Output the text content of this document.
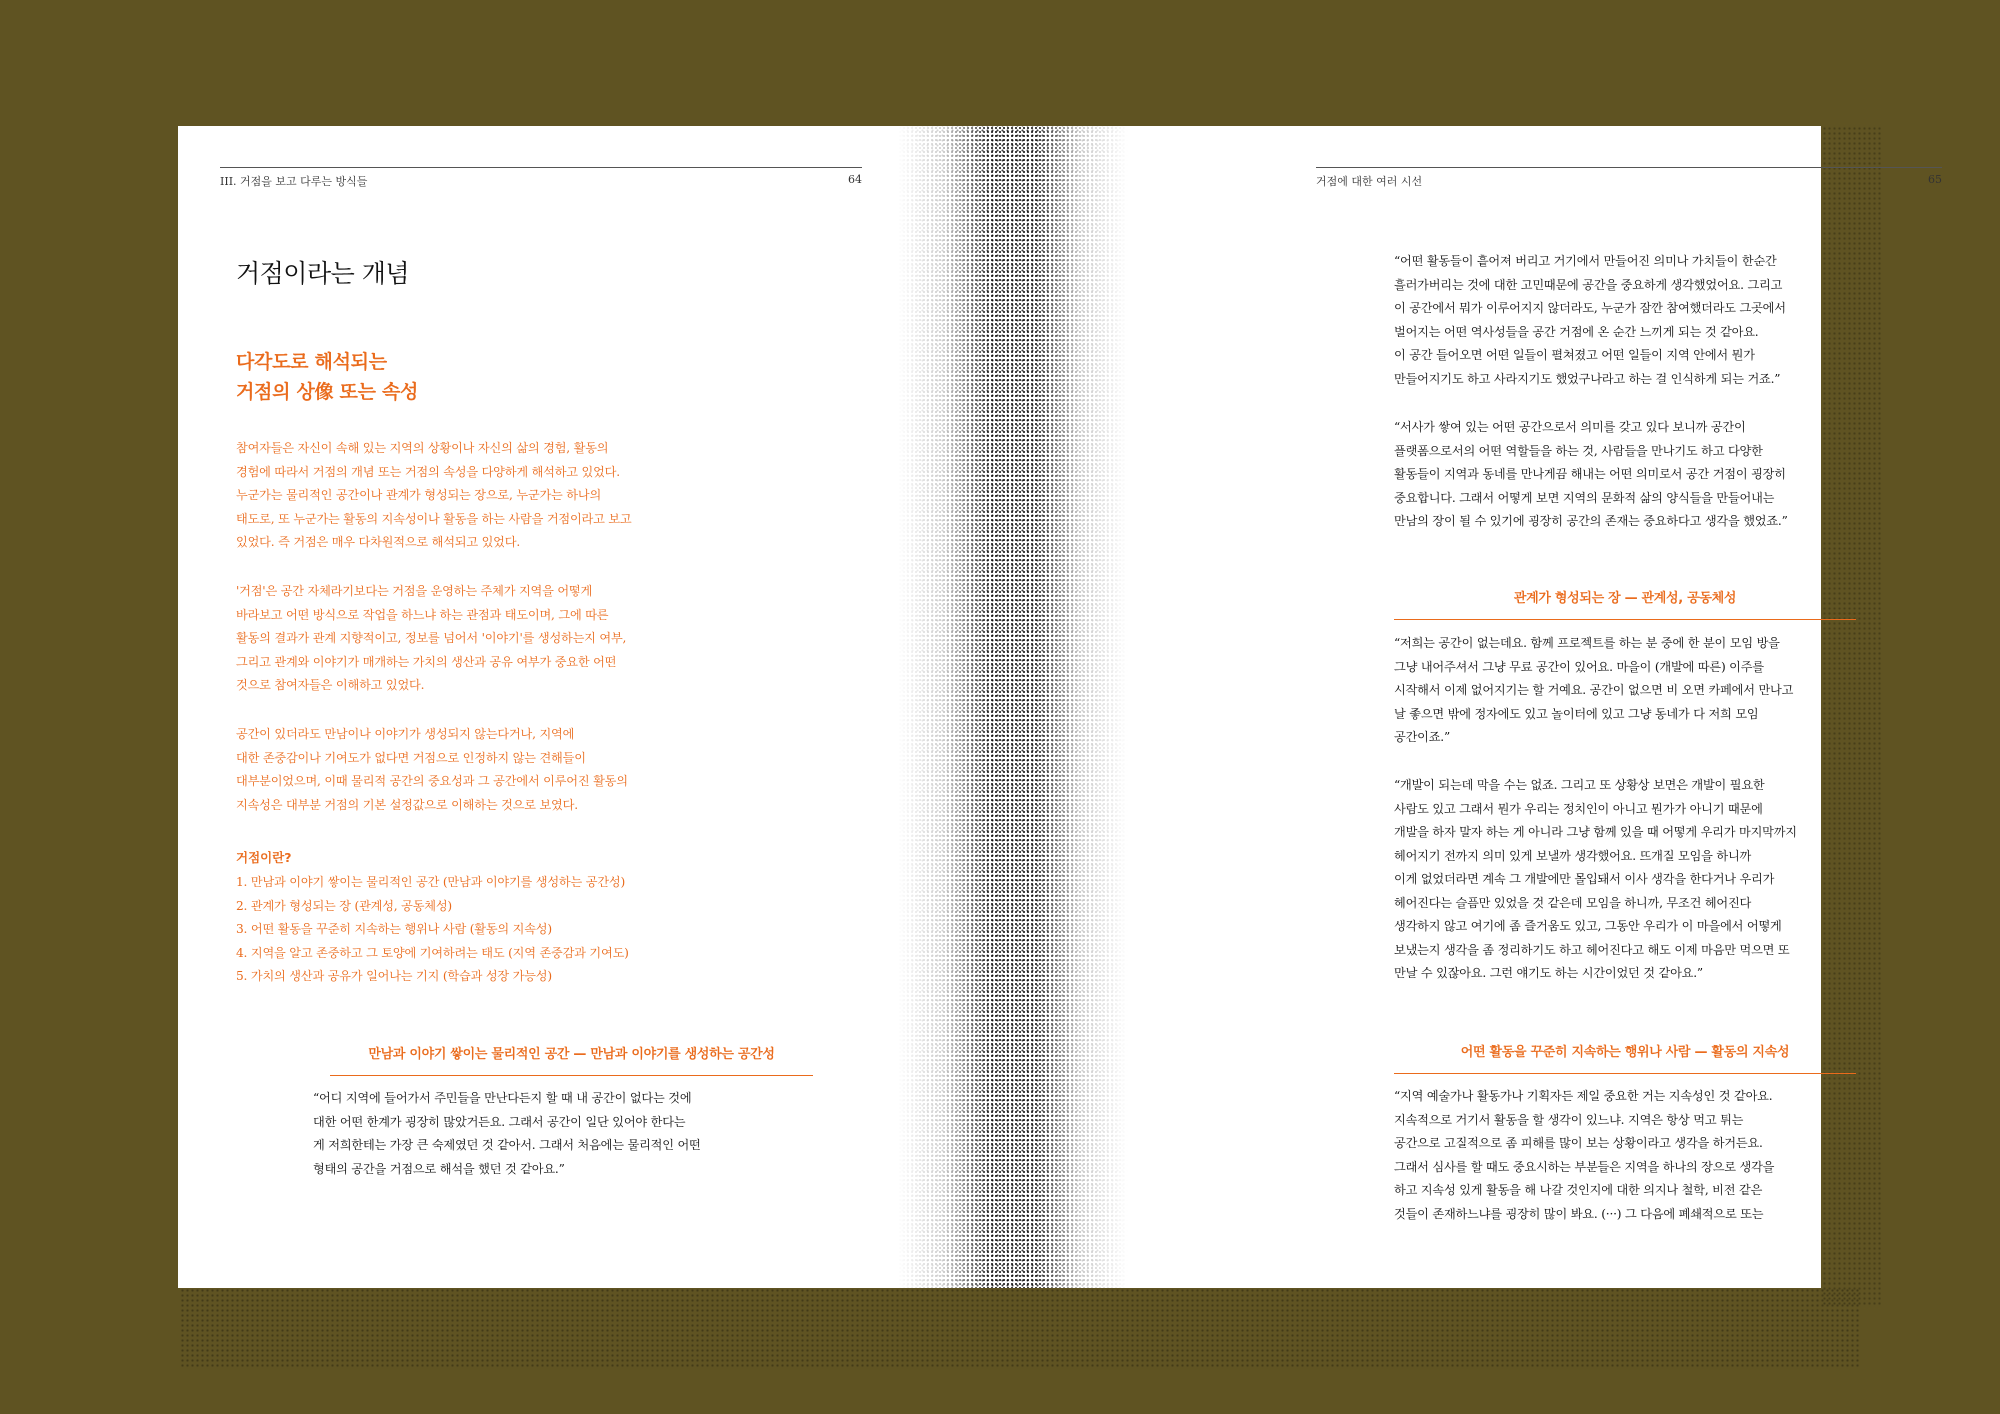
III. 거점을 보고 다루는 방식들	64
거점이라는 개념
다각도로 해석되는
거점의 상像 또는 속성

참여자들은 자신이 속해 있는 지역의 상황이나 자신의 삶의 경험, 활동의
경험에 따라서 거점의 개념 또는 거점의 속성을 다양하게 해석하고 있었다.
누군가는 물리적인 공간이나 관계가 형성되는 장으로, 누군가는 하나의
태도로, 또 누군가는 활동의 지속성이나 활동을 하는 사람을 거점이라고 보고
있었다. 즉 거점은 매우 다차원적으로 해석되고 있었다.

'거점'은 공간 자체라기보다는 거점을 운영하는 주체가 지역을 어떻게
바라보고 어떤 방식으로 작업을 하느냐 하는 관점과 태도이며, 그에 따른
활동의 결과가 관계 지향적이고, 정보를 넘어서 '이야기'를 생성하는지 여부,
그리고 관계와 이야기가 매개하는 가치의 생산과 공유 여부가 중요한 어떤
것으로 참여자들은 이해하고 있었다.

공간이 있더라도 만남이나 이야기가 생성되지 않는다거나, 지역에
대한 존중감이나 기여도가 없다면 거점으로 인정하지 않는 견해들이
대부분이었으며, 이때 물리적 공간의 중요성과 그 공간에서 이루어진 활동의
지속성은 대부분 거점의 기본 설정값으로 이해하는 것으로 보였다.

거점이란?

1. 만남과 이야기 쌓이는 물리적인 공간 (만남과 이야기를 생성하는 공간성)
2. 관계가 형성되는 장 (관계성, 공동체성)
3. 어떤 활동을 꾸준히 지속하는 행위나 사람 (활동의 지속성)
4. 지역을 알고 존중하고 그 토양에 기여하려는 태도 (지역 존중감과 기여도)
5. 가치의 생산과 공유가 일어나는 기지 (학습과 성장 가능성)
만남과 이야기 쌓이는 물리적인 공간 — 만남과 이야기를 생성하는 공간성

“어디 지역에 들어가서 주민들을 만난다든지 할 때 내 공간이 없다는 것에
대한 어떤 한계가 굉장히 많았거든요. 그래서 공간이 일단 있어야 한다는
게 저희한테는 가장 큰 숙제였던 것 같아서. 그래서 처음에는 물리적인 어떤
형태의 공간을 거점으로 해석을 했던 것 같아요.”

거점에 대한 여러 시선	65

“어떤 활동들이 흩어져 버리고 거기에서 만들어진 의미나 가치들이 한순간
흘러가버리는 것에 대한 고민때문에 공간을 중요하게 생각했었어요. 그리고
이 공간에서 뭐가 이루어지지 않더라도, 누군가 잠깐 참여했더라도 그곳에서
벌어지는 어떤 역사성들을 공간 거점에 온 순간 느끼게 되는 것 같아요.
이 공간 들어오면 어떤 일들이 펼쳐졌고 어떤 일들이 지역 안에서 뭔가
만들어지기도 하고 사라지기도 했었구나라고 하는 걸 인식하게 되는 거죠.”

“서사가 쌓여 있는 어떤 공간으로서 의미를 갖고 있다 보니까 공간이
플랫폼으로서의 어떤 역할들을 하는 것, 사람들을 만나기도 하고 다양한
활동들이 지역과 동네를 만나게끔 해내는 어떤 의미로서 공간 거점이 굉장히
중요합니다. 그래서 어떻게 보면 지역의 문화적 삶의 양식들을 만들어내는
만남의 장이 될 수 있기에 굉장히 공간의 존재는 중요하다고 생각을 했었죠.”

관계가 형성되는 장 — 관계성, 공동체성

“저희는 공간이 없는데요. 함께 프로젝트를 하는 분 중에 한 분이 모임 방을
그냥 내어주셔서 그냥 무료 공간이 있어요. 마을이 (개발에 따른) 이주를
시작해서 이제 없어지기는 할 거예요. 공간이 없으면 비 오면 카페에서 만나고
날 좋으면 밖에 정자에도 있고 놀이터에 있고 그냥 동네가 다 저희 모임
공간이죠.”

“개발이 되는데 막을 수는 없죠. 그리고 또 상황상 보면은 개발이 필요한
사람도 있고 그래서 뭔가 우리는 정치인이 아니고 뭔가가 아니기 때문에
개발을 하자 말자 하는 게 아니라 그냥 함께 있을 때 어떻게 우리가 마지막까지
헤어지기 전까지 의미 있게 보낼까 생각했어요. 뜨개질 모임을 하니까
이게 없었더라면 계속 그 개발에만 몰입돼서 이사 생각을 한다거나 우리가
헤어진다는 슬픔만 있었을 것 같은데 모임을 하니까, 무조건 헤어진다
생각하지 않고 여기에 좀 즐거움도 있고, 그동안 우리가 이 마을에서 어떻게
보냈는지 생각을 좀 정리하기도 하고 헤어진다고 해도 이제 마음만 먹으면 또
만날 수 있잖아요. 그런 얘기도 하는 시간이었던 것 같아요.”

어떤 활동을 꾸준히 지속하는 행위나 사람 — 활동의 지속성

“지역 예술가나 활동가나 기획자든 제일 중요한 거는 지속성인 것 같아요.
지속적으로 거기서 활동을 할 생각이 있느냐. 지역은 항상 먹고 튀는
공간으로 고질적으로 좀 피해를 많이 보는 상황이라고 생각을 하거든요.
그래서 심사를 할 때도 중요시하는 부분들은 지역을 하나의 장으로 생각을
하고 지속성 있게 활동을 해 나갈 것인지에 대한 의지나 철학, 비전 같은
것들이 존재하느냐를 굉장히 많이 봐요. (···) 그 다음에 폐쇄적으로 또는
